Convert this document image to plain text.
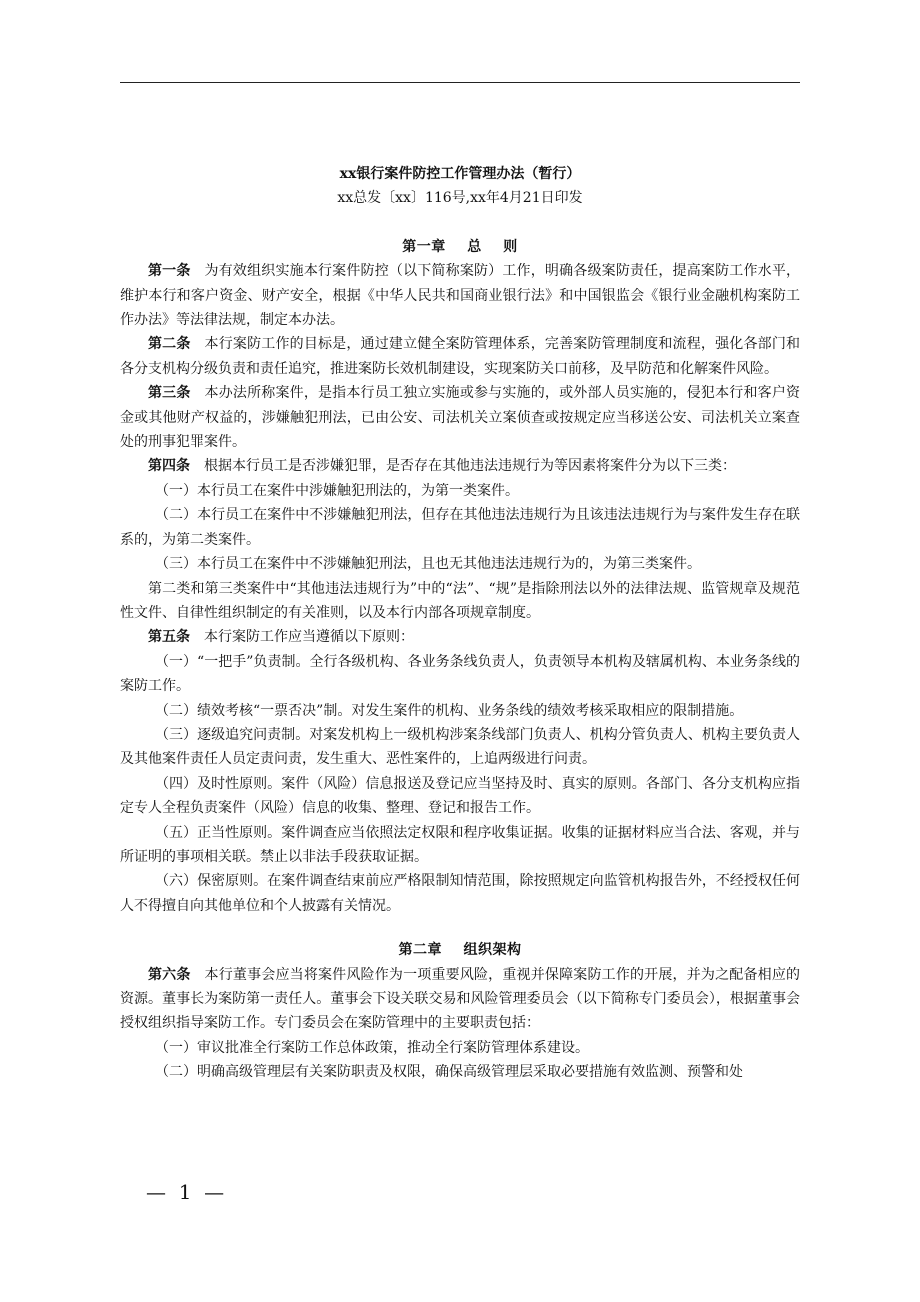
xx银行案件防控工作管理办法（暂行）

xx总发〔xx〕116号,xx年4月21日印发

第一章    总    则

第一条 为有效组织实施本行案件防控（以下简称案防）工作，明确各级案防责任，提高案防工作水平，维护本行和客户资金、财产安全，根据《中华人民共和国商业银行法》和中国银监会《银行业金融机构案防工作办法》等法律法规，制定本办法。

第二条 本行案防工作的目标是，通过建立健全案防管理体系，完善案防管理制度和流程，强化各部门和各分支机构分级负责和责任追究，推进案防长效机制建设，实现案防关口前移，及早防范和化解案件风险。

第三条 本办法所称案件，是指本行员工独立实施或参与实施的，或外部人员实施的，侵犯本行和客户资金或其他财产权益的，涉嫌触犯刑法，已由公安、司法机关立案侦查或按规定应当移送公安、司法机关立案查处的刑事犯罪案件。

第四条 根据本行员工是否涉嫌犯罪，是否存在其他违法违规行为等因素将案件分为以下三类：

（一）本行员工在案件中涉嫌触犯刑法的，为第一类案件。

（二）本行员工在案件中不涉嫌触犯刑法，但存在其他违法违规行为且该违法违规行为与案件发生存在联系的，为第二类案件。

（三）本行员工在案件中不涉嫌触犯刑法，且也无其他违法违规行为的，为第三类案件。

第二类和第三类案件中“其他违法违规行为”中的“法”、“规”是指除刑法以外的法律法规、监管规章及规范性文件、自律性组织制定的有关准则，以及本行内部各项规章制度。

第五条 本行案防工作应当遵循以下原则：

（一）“一把手”负责制。全行各级机构、各业务条线负责人，负责领导本机构及辖属机构、本业务条线的案防工作。

（二）绩效考核“一票否决”制。对发生案件的机构、业务条线的绩效考核采取相应的限制措施。

（三）逐级追究问责制。对案发机构上一级机构涉案条线部门负责人、机构分管负责人、机构主要负责人及其他案件责任人员定责问责，发生重大、恶性案件的，上追两级进行问责。

（四）及时性原则。案件（风险）信息报送及登记应当坚持及时、真实的原则。各部门、各分支机构应指定专人全程负责案件（风险）信息的收集、整理、登记和报告工作。

（五）正当性原则。案件调查应当依照法定权限和程序收集证据。收集的证据材料应当合法、客观，并与所证明的事项相关联。禁止以非法手段获取证据。

（六）保密原则。在案件调查结束前应严格限制知情范围，除按照规定向监管机构报告外，不经授权任何人不得擅自向其他单位和个人披露有关情况。

第二章    组织架构

第六条 本行董事会应当将案件风险作为一项重要风险，重视并保障案防工作的开展，并为之配备相应的资源。董事长为案防第一责任人。董事会下设关联交易和风险管理委员会（以下简称专门委员会），根据董事会授权组织指导案防工作。专门委员会在案防管理中的主要职责包括：

（一）审议批准全行案防工作总体政策，推动全行案防管理体系建设。

（二）明确高级管理层有关案防职责及权限，确保高级管理层采取必要措施有效监测、预警和处

—  1  —
